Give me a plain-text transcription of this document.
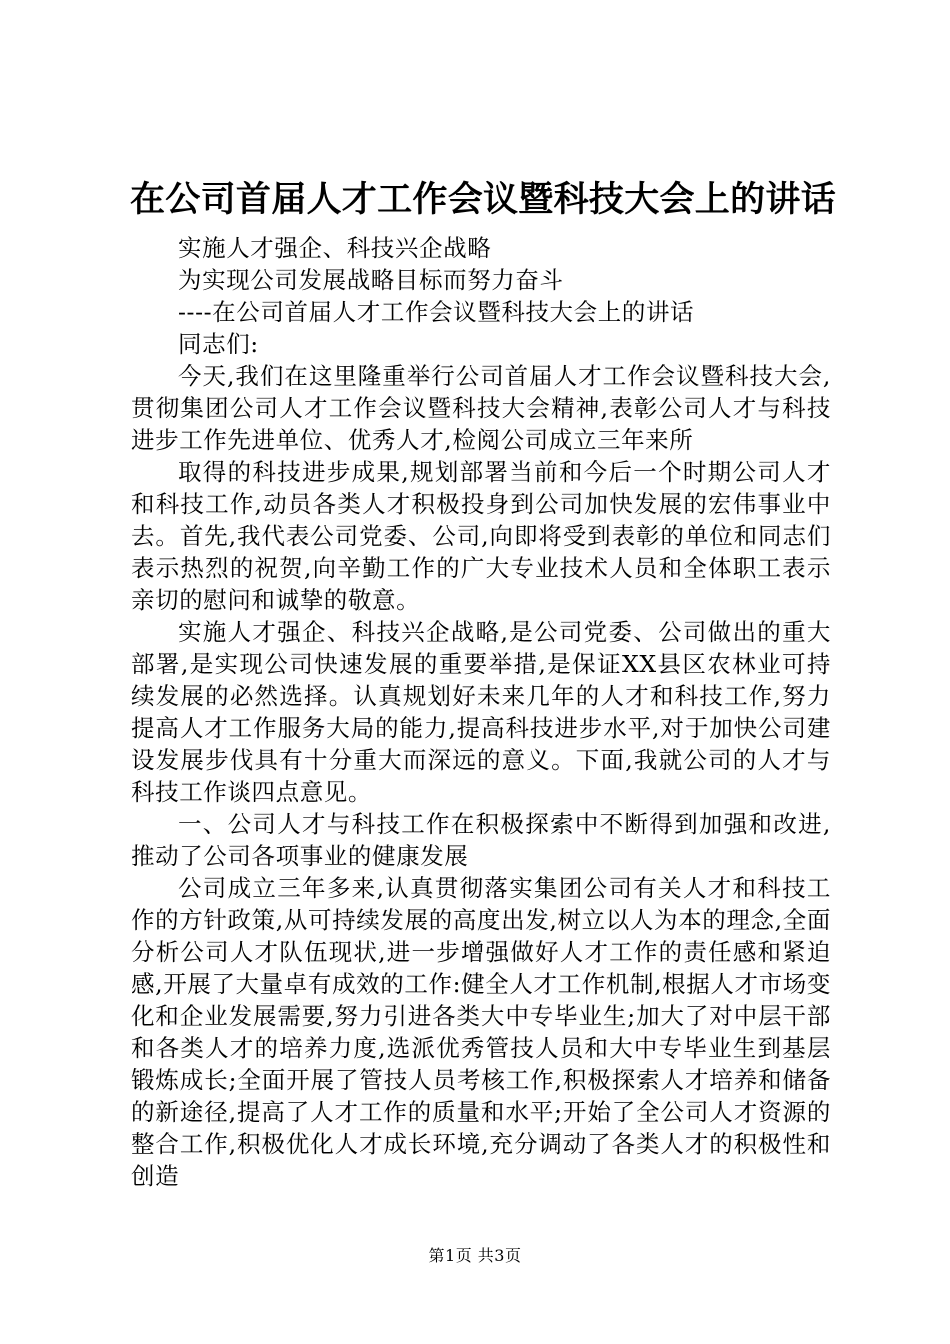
在公司首届人才工作会议暨科技大会上的讲话

实施人才强企、科技兴企战略

为实现公司发展战略目标而努力奋斗

----在公司首届人才工作会议暨科技大会上的讲话

同志们:

今天,我们在这里隆重举行公司首届人才工作会议暨科技大会,贯彻集团公司人才工作会议暨科技大会精神,表彰公司人才与科技进步工作先进单位、优秀人才,检阅公司成立三年来所

取得的科技进步成果,规划部署当前和今后一个时期公司人才和科技工作,动员各类人才积极投身到公司加快发展的宏伟事业中去。首先,我代表公司党委、公司,向即将受到表彰的单位和同志们表示热烈的祝贺,向辛勤工作的广大专业技术人员和全体职工表示亲切的慰问和诚挚的敬意。

实施人才强企、科技兴企战略,是公司党委、公司做出的重大部署,是实现公司快速发展的重要举措,是保证XX县区农林业可持续发展的必然选择。认真规划好未来几年的人才和科技工作,努力提高人才工作服务大局的能力,提高科技进步水平,对于加快公司建设发展步伐具有十分重大而深远的意义。下面,我就公司的人才与科技工作谈四点意见。

一、公司人才与科技工作在积极探索中不断得到加强和改进,推动了公司各项事业的健康发展

公司成立三年多来,认真贯彻落实集团公司有关人才和科技工作的方针政策,从可持续发展的高度出发,树立以人为本的理念,全面分析公司人才队伍现状,进一步增强做好人才工作的责任感和紧迫感,开展了大量卓有成效的工作:健全人才工作机制,根据人才市场变化和企业发展需要,努力引进各类大中专毕业生;加大了对中层干部和各类人才的培养力度,选派优秀管技人员和大中专毕业生到基层锻炼成长;全面开展了管技人员考核工作,积极探索人才培养和储备的新途径,提高了人才工作的质量和水平;开始了全公司人才资源的整合工作,积极优化人才成长环境,充分调动了各类人才的积极性和创造

第1页 共3页
